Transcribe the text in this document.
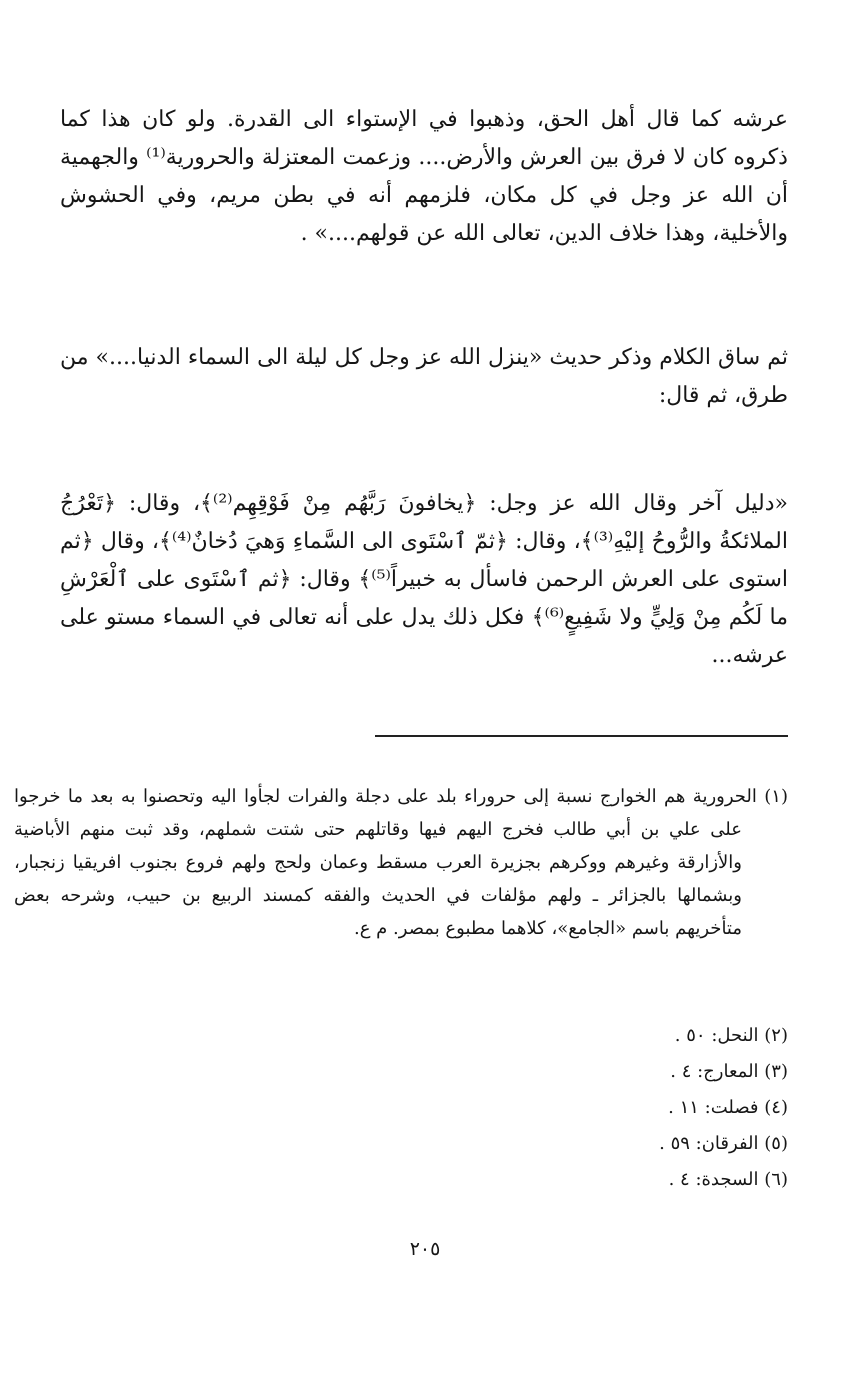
عرشه كما قال أهل الحق، وذهبوا في الإستواء الى القدرة. ولو كان هذا كما ذكروه كان لا فرق بين العرش والأرض.... وزعمت المعتزلة والحرورية⁽¹⁾ والجهمية أن الله عز وجل في كل مكان، فلزمهم أنه في بطن مريم، وفي الحشوش والأخلية، وهذا خلاف الدين، تعالى الله عن قولهم....» .

ثم ساق الكلام وذكر حديث «ينزل الله عز وجل كل ليلة الى السماء الدنيا....» من طرق، ثم قال:

«دليل آخر وقال الله عز وجل: ﴿يخافونَ رَبَّهُم مِنْ فَوْقِهِم⁽²⁾﴾، وقال: ﴿تَعْرُجُ الملائكةُ والرُّوحُ إليْهِ⁽³⁾﴾، وقال: ﴿ثمّ ٱسْتَوى الى السَّماءِ وَهيَ دُخانٌ⁽⁴⁾﴾، وقال ﴿ثم استوى على العرش الرحمن فاسأل به خبيراً⁽⁵⁾﴾ وقال: ﴿ثم ٱسْتَوى على ٱلْعَرْشِ ما لَكُم مِنْ وَلِيٍّ ولا شَفِيعٍ⁽⁶⁾﴾ فكل ذلك يدل على أنه تعالى في السماء مستو على عرشه...

(١) الحرورية هم الخوارج نسبة إلى حروراء بلد على دجلة والفرات لجأوا اليه وتحصنوا به بعد ما خرجوا على علي بن أبي طالب فخرج اليهم فيها وقاتلهم حتى شتت شملهم، وقد ثبت منهم الأباضية والأزارقة وغيرهم ووكرهم بجزيرة العرب مسقط وعمان ولحج ولهم فروع بجنوب افريقيا زنجبار، وبشمالها بالجزائر ـ ولهم مؤلفات في الحديث والفقه كمسند الربيع بن حبيب، وشرحه بعض متأخريهم باسم «الجامع»، كلاهما مطبوع بمصر. م ع.

(٢) النحل: ٥٠ .
(٣) المعارج: ٤ .
(٤) فصلت: ١١ .
(٥) الفرقان: ٥٩ .
(٦) السجدة: ٤ .
٢٠٥
